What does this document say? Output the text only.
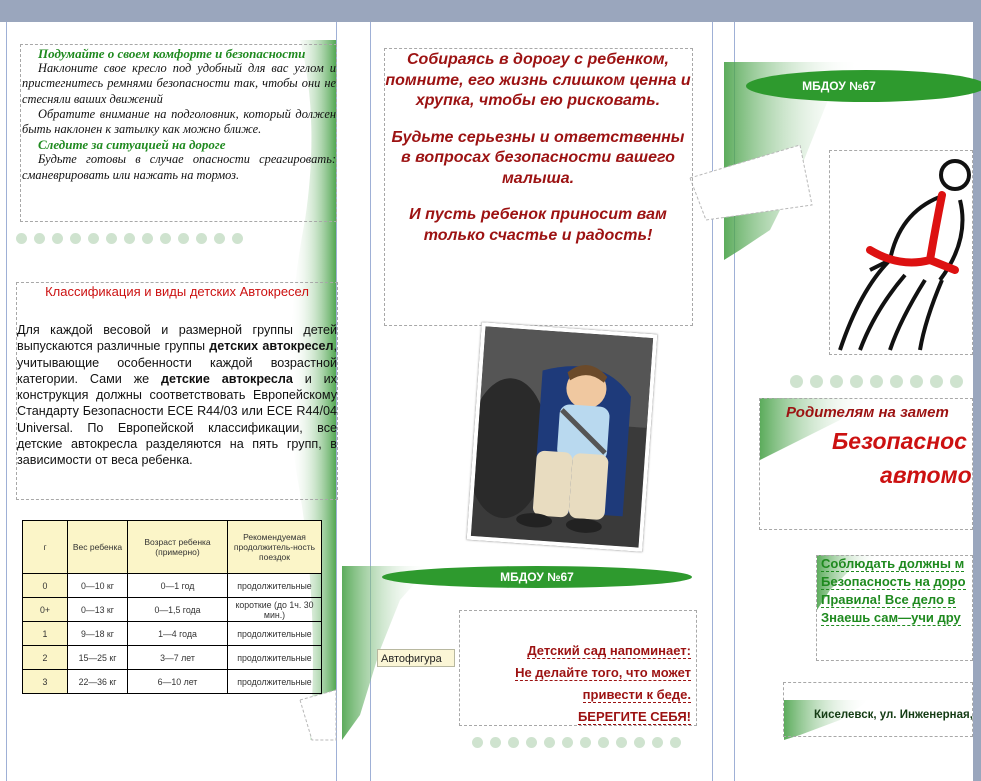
Подумайте о своем комфорте и безопасности

Наклоните свое кресло под удобный для вас углом и пристегнитесь ремнями безопасности так, чтобы они не стесняли ваших движений

Обратите внимание на подголовник, который должен быть наклонен к затылку как можно ближе.

Следите за ситуацией на дороге

Будьте готовы в случае опасности среагировать: сманеврировать или нажать на тормоз.

Классификация и виды детских Автокресел
Для каждой весовой и размерной группы детей выпускаются различные группы детских автокресел, учитывающие особенности каждой возрастной категории. Сами же детские автокресла и их конструкция должны соответствовать Европейскому Стандарту Безопасности ECE R44/03 или ECE R44/04 Universal. По Европейской классификации, все детские автокресла разделяются на пять групп, в зависимости от веса ребенка.
г	Вес ребенка	Возраст ребенка (примерно)	Рекомендуемая продолжитель-ность поездок
0	0—10 кг	0—1 год	продолжительные
0+	0—13 кг	0—1,5 года	короткие (до 1ч. 30 мин.)
1	9—18 кг	1—4 года	продолжительные
2	15—25 кг	3—7 лет	продолжительные
3	22—36 кг	6—10 лет	продолжительные

Собираясь в дорогу с ребенком, помните, его жизнь слишком ценна и хрупка, чтобы ею рисковать.

Будьте серьезны и ответственны в вопросах безопасности вашего малыша.

И пусть ребенок приносит вам только счастье и радость!

МБДОУ №67
Автофигура
Детский сад напоминает:
Не делайте того, что может
привести к беде.
БЕРЕГИТЕ СЕБЯ!
МБДОУ №67
Родителям на замет
Безопаснос
автомо
Соблюдать должны м
Безопасность на доро
Правила! Все дело в
Знаешь сам—учи дру
Киселевск, ул. Инженерная,
